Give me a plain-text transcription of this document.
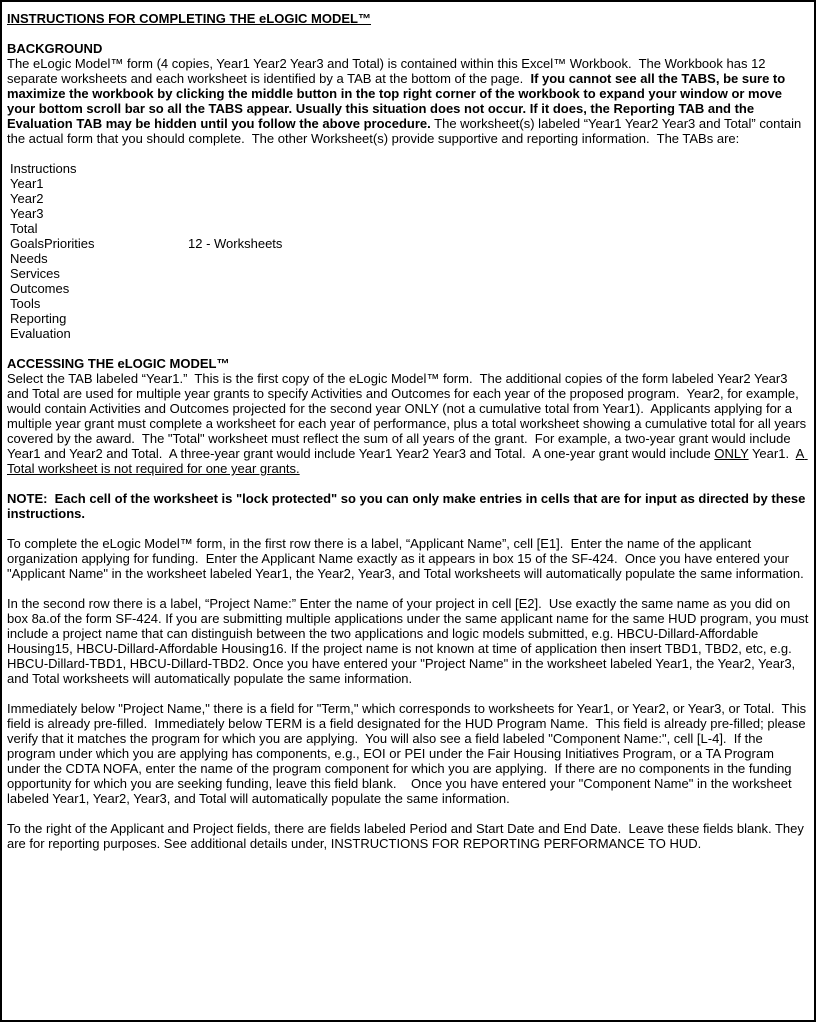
INSTRUCTIONS FOR COMPLETING THE eLOGIC MODEL™
BACKGROUND

The eLogic Model™ form (4 copies, Year1 Year2 Year3 and Total) is contained within this Excel™ Workbook.  The Workbook has 12 separate worksheets and each worksheet is identified by a TAB at the bottom of the page.  If you cannot see all the TABS, be sure to maximize the workbook by clicking the middle button in the top right corner of the workbook to expand your window or move your bottom scroll bar so all the TABS appear. Usually this situation does not occur. If it does, the Reporting TAB and the Evaluation TAB may be hidden until you follow the above procedure. The worksheet(s) labeled “Year1 Year2 Year3 and Total” contain the actual form that you should complete.  The other Worksheet(s) provide supportive and reporting information.  The TABs are:

Instructions
Year1
Year2
Year3
Total
GoalsPriorities	12 - Worksheets
Needs
Services
Outcomes
Tools
Reporting
Evaluation
ACCESSING THE eLOGIC MODEL™

Select the TAB labeled “Year1.”  This is the first copy of the eLogic Model™ form.  The additional copies of the form labeled Year2 Year3 and Total are used for multiple year grants to specify Activities and Outcomes for each year of the proposed program.  Year2, for example, would contain Activities and Outcomes projected for the second year ONLY (not a cumulative total from Year1).  Applicants applying for a multiple year grant must complete a worksheet for each year of performance, plus a total worksheet showing a cumulative total for all years covered by the award.  The "Total" worksheet must reflect the sum of all years of the grant.  For example, a two-year grant would include Year1 and Year2 and Total.  A three-year grant would include Year1 Year2 Year3 and Total.  A one-year grant would include ONLY Year1.  A Total worksheet is not required for one year grants.

NOTE:  Each cell of the worksheet is "lock protected" so you can only make entries in cells that are for input as directed by these instructions.

To complete the eLogic Model™ form, in the first row there is a label, “Applicant Name”, cell [E1].  Enter the name of the applicant organization applying for funding.  Enter the Applicant Name exactly as it appears in box 15 of the SF-424.  Once you have entered your "Applicant Name" in the worksheet labeled Year1, the Year2, Year3, and Total worksheets will automatically populate the same information.

In the second row there is a label, “Project Name:” Enter the name of your project in cell [E2].  Use exactly the same name as you did on box 8a.of the form SF-424. If you are submitting multiple applications under the same applicant name for the same HUD program, you must include a project name that can distinguish between the two applications and logic models submitted, e.g. HBCU-Dillard-Affordable Housing15, HBCU-Dillard-Affordable Housing16. If the project name is not known at time of application then insert TBD1, TBD2, etc, e.g. HBCU-Dillard-TBD1, HBCU-Dillard-TBD2. Once you have entered your "Project Name" in the worksheet labeled Year1, the Year2, Year3, and Total worksheets will automatically populate the same information.

Immediately below "Project Name," there is a field for "Term," which corresponds to worksheets for Year1, or Year2, or Year3, or Total.  This field is already pre-filled.  Immediately below TERM is a field designated for the HUD Program Name.  This field is already pre-filled; please verify that it matches the program for which you are applying.  You will also see a field labeled "Component Name:", cell [L-4].  If the program under which you are applying has components, e.g., EOI or PEI under the Fair Housing Initiatives Program, or a TA Program under the CDTA NOFA, enter the name of the program component for which you are applying.  If there are no components in the funding opportunity for which you are seeking funding, leave this field blank.    Once you have entered your "Component Name" in the worksheet labeled Year1, Year2, Year3, and Total will automatically populate the same information.

To the right of the Applicant and Project fields, there are fields labeled Period and Start Date and End Date.  Leave these fields blank. They are for reporting purposes. See additional details under, INSTRUCTIONS FOR REPORTING PERFORMANCE TO HUD.
